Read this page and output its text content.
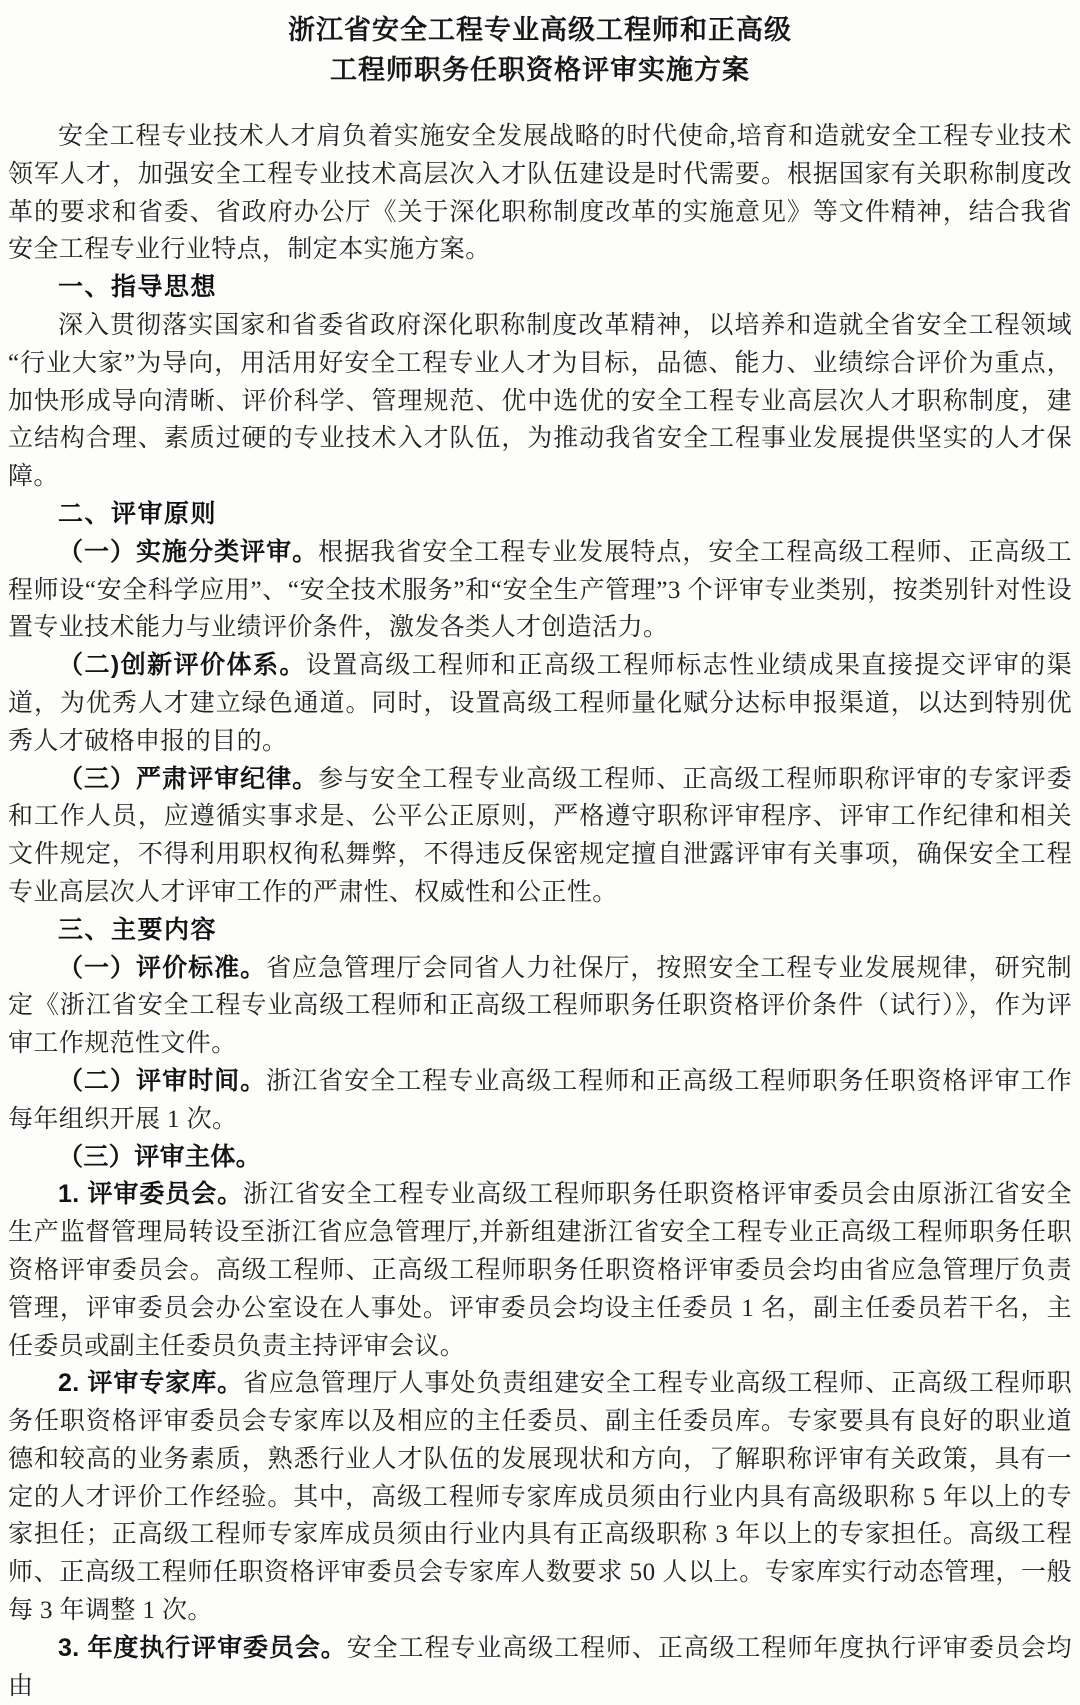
浙江省安全工程专业高级工程师和正高级
工程师职务任职资格评审实施方案

安全工程专业技术人才肩负着实施安全发展战略的时代使命,培育和造就安全工程专业技术领军人才，加强安全工程专业技术高层次入才队伍建设是时代需要。根据国家有关职称制度改革的要求和省委、省政府办公厅《关于深化职称制度改革的实施意见》等文件精神，结合我省安全工程专业行业特点，制定本实施方案。

一、指导思想

深入贯彻落实国家和省委省政府深化职称制度改革精神，以培养和造就全省安全工程领域“行业大家”为导向，用活用好安全工程专业人才为目标，品德、能力、业绩综合评价为重点，加快形成导向清晰、评价科学、管理规范、优中选优的安全工程专业高层次人才职称制度，建立结构合理、素质过硬的专业技术入才队伍，为推动我省安全工程事业发展提供坚实的人才保障。

二、评审原则

（一）实施分类评审。根据我省安全工程专业发展特点，安全工程高级工程师、正高级工程师设“安全科学应用”、“安全技术服务”和“安全生产管理”3 个评审专业类别，按类别针对性设置专业技术能力与业绩评价条件，激发各类人才创造活力。

（二)创新评价体系。设置高级工程师和正高级工程师标志性业绩成果直接提交评审的渠道，为优秀人才建立绿色通道。同时，设置高级工程师量化赋分达标申报渠道，以达到特别优秀人才破格申报的目的。

（三）严肃评审纪律。参与安全工程专业高级工程师、正高级工程师职称评审的专家评委和工作人员，应遵循实事求是、公平公正原则，严格遵守职称评审程序、评审工作纪律和相关文件规定，不得利用职权徇私舞弊，不得违反保密规定擅自泄露评审有关事项，确保安全工程专业高层次人才评审工作的严肃性、权威性和公正性。

三、主要内容

（一）评价标准。省应急管理厅会同省人力社保厅，按照安全工程专业发展规律，研究制定《浙江省安全工程专业高级工程师和正高级工程师职务任职资格评价条件（试行）》，作为评审工作规范性文件。

（二）评审时间。浙江省安全工程专业高级工程师和正高级工程师职务任职资格评审工作每年组织开展 1 次。

（三）评审主体。

1. 评审委员会。浙江省安全工程专业高级工程师职务任职资格评审委员会由原浙江省安全生产监督管理局转设至浙江省应急管理厅,并新组建浙江省安全工程专业正高级工程师职务任职资格评审委员会。高级工程师、正高级工程师职务任职资格评审委员会均由省应急管理厅负责管理，评审委员会办公室设在人事处。评审委员会均设主任委员 1 名，副主任委员若干名，主任委员或副主任委员负责主持评审会议。

2. 评审专家库。省应急管理厅人事处负责组建安全工程专业高级工程师、正高级工程师职务任职资格评审委员会专家库以及相应的主任委员、副主任委员库。专家要具有良好的职业道德和较高的业务素质，熟悉行业人才队伍的发展现状和方向，了解职称评审有关政策，具有一定的人才评价工作经验。其中，高级工程师专家库成员须由行业内具有高级职称 5 年以上的专家担任；正高级工程师专家库成员须由行业内具有正高级职称 3 年以上的专家担任。高级工程师、正高级工程师任职资格评审委员会专家库人数要求 50 人以上。专家库实行动态管理，一般每 3 年调整 1 次。

3. 年度执行评审委员会。安全工程专业高级工程师、正高级工程师年度执行评审委员会均由
